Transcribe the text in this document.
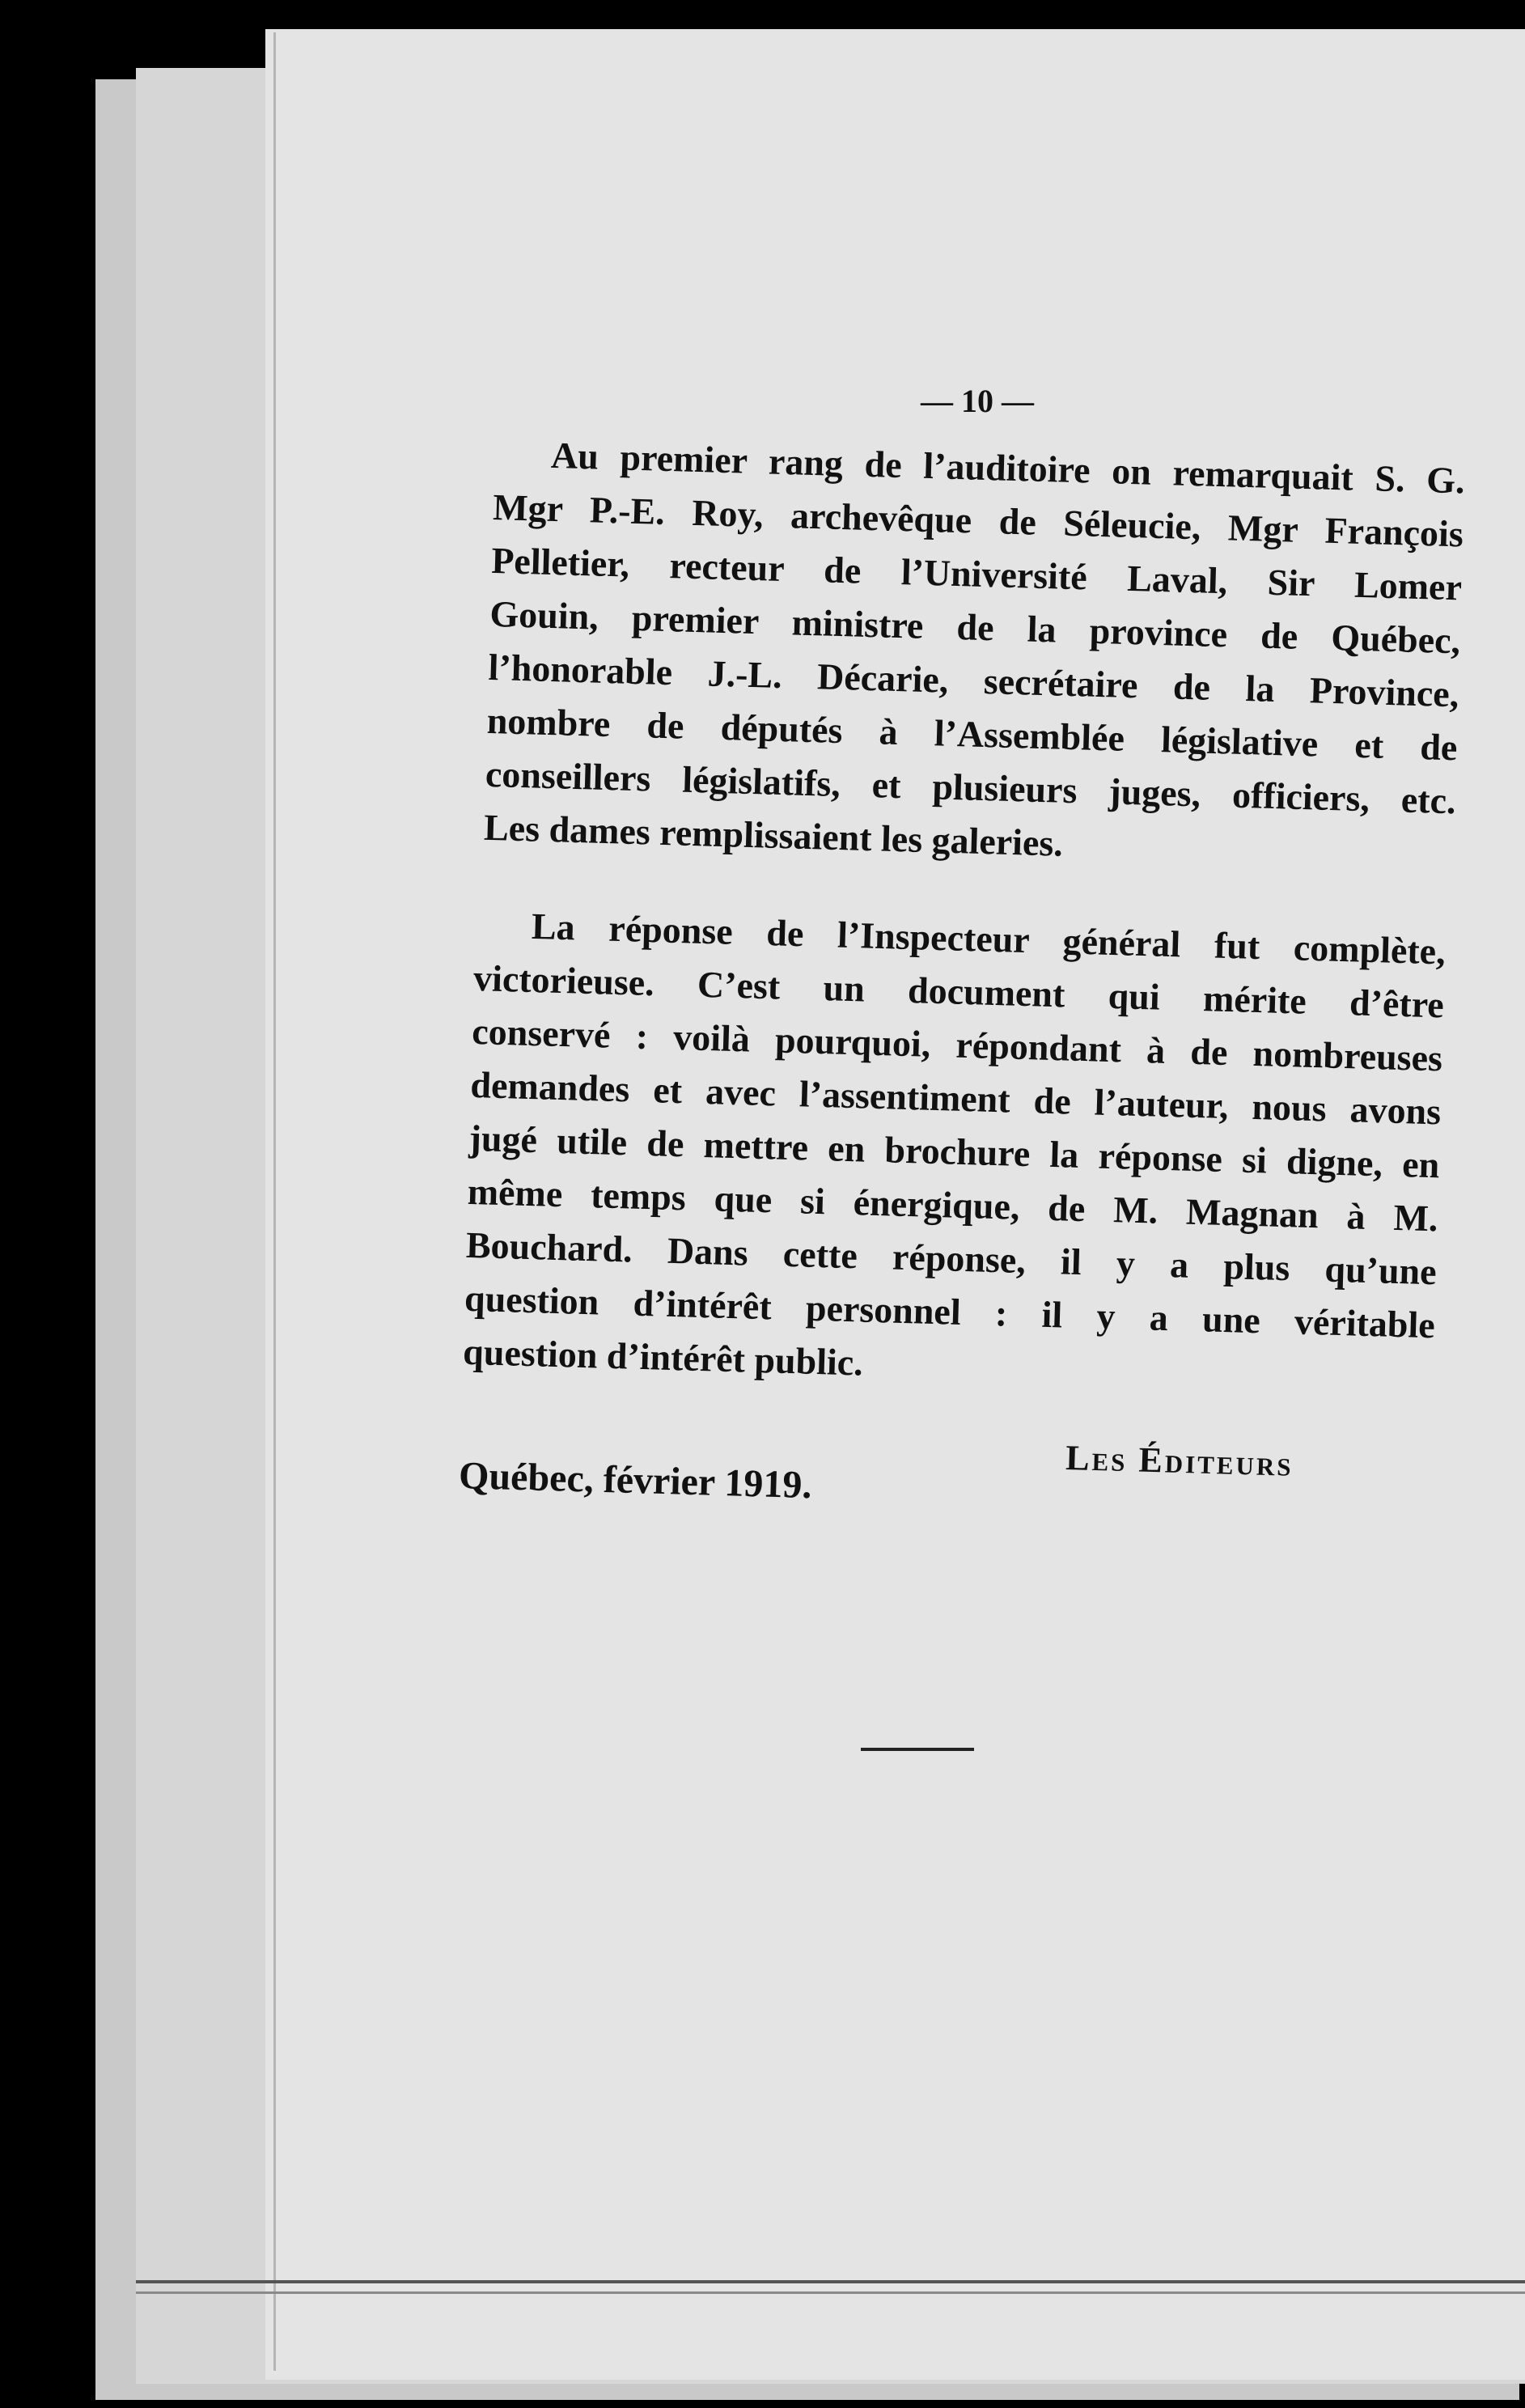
— 10 —
Au premier rang de l’auditoire on remarquait S. G.
Mgr P.-E. Roy, archevêque de Séleucie, Mgr François
Pelletier, recteur de l’Université Laval, Sir Lomer
Gouin, premier ministre de la province de Québec,
l’honorable J.-L. Décarie, secrétaire de la Province,
nombre de députés à l’Assemblée législative et de
conseillers législatifs, et plusieurs juges, officiers, etc.
Les dames remplissaient les galeries.
La réponse de l’Inspecteur général fut complète,
victorieuse. C’est un document qui mérite d’être
conservé : voilà pourquoi, répondant à de nombreuses
demandes et avec l’assentiment de l’auteur, nous avons
jugé utile de mettre en brochure la réponse si digne, en
même temps que si énergique, de M. Magnan à M.
Bouchard. Dans cette réponse, il y a plus qu’une
question d’intérêt personnel : il y a une véritable
question d’intérêt public.
Québec, février 1919.	Les Éditeurs
